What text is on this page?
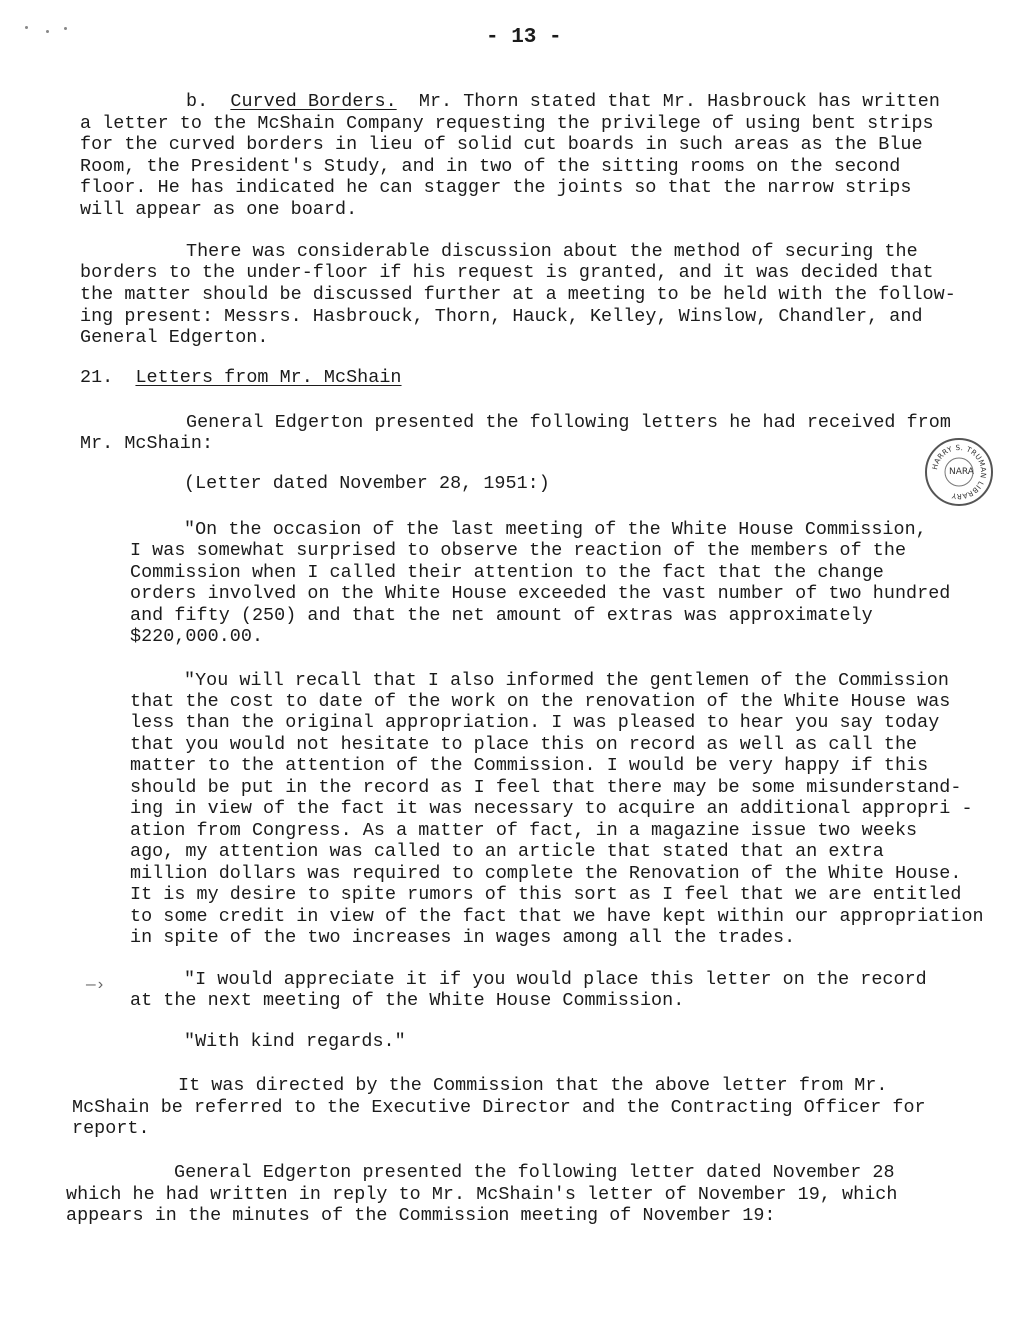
- 13 -
b. Curved Borders. Mr. Thorn stated that Mr. Hasbrouck has written
a letter to the McShain Company requesting the privilege of using bent strips
for the curved borders in lieu of solid cut boards in such areas as the Blue
Room, the President's Study, and in two of the sitting rooms on the second
floor. He has indicated he can stagger the joints so that the narrow strips
will appear as one board.
There was considerable discussion about the method of securing the
borders to the under-floor if his request is granted, and it was decided that
the matter should be discussed further at a meeting to be held with the follow-
ing present: Messrs. Hasbrouck, Thorn, Hauck, Kelley, Winslow, Chandler, and
General Edgerton.
21. Letters from Mr. McShain
General Edgerton presented the following letters he had received from
Mr. McShain:
(Letter dated November 28, 1951:)
"On the occasion of the last meeting of the White House Commission,
I was somewhat surprised to observe the reaction of the members of the
Commission when I called their attention to the fact that the change
orders involved on the White House exceeded the vast number of two hundred
and fifty (250) and that the net amount of extras was approximately
$220,000.00.
"You will recall that I also informed the gentlemen of the Commission
that the cost to date of the work on the renovation of the White House was
less than the original appropriation. I was pleased to hear you say today
that you would not hesitate to place this on record as well as call the
matter to the attention of the Commission. I would be very happy if this
should be put in the record as I feel that there may be some misunderstand-
ing in view of the fact it was necessary to acquire an additional appropri -
ation from Congress. As a matter of fact, in a magazine issue two weeks
ago, my attention was called to an article that stated that an extra
million dollars was required to complete the Renovation of the White House.
It is my desire to spite rumors of this sort as I feel that we are entitled
to some credit in view of the fact that we have kept within our appropriation
in spite of the two increases in wages among all the trades.
—›	"I would appreciate it if you would place this letter on the record
at the next meeting of the White House Commission.
"With kind regards."
It was directed by the Commission that the above letter from Mr.
McShain be referred to the Executive Director and the Contracting Officer for
report.
General Edgerton presented the following letter dated November 28
which he had written in reply to Mr. McShain's letter of November 19, which
appears in the minutes of the Commission meeting of November 19:
HARRY S. TRUMAN LIBRARY
NARA
